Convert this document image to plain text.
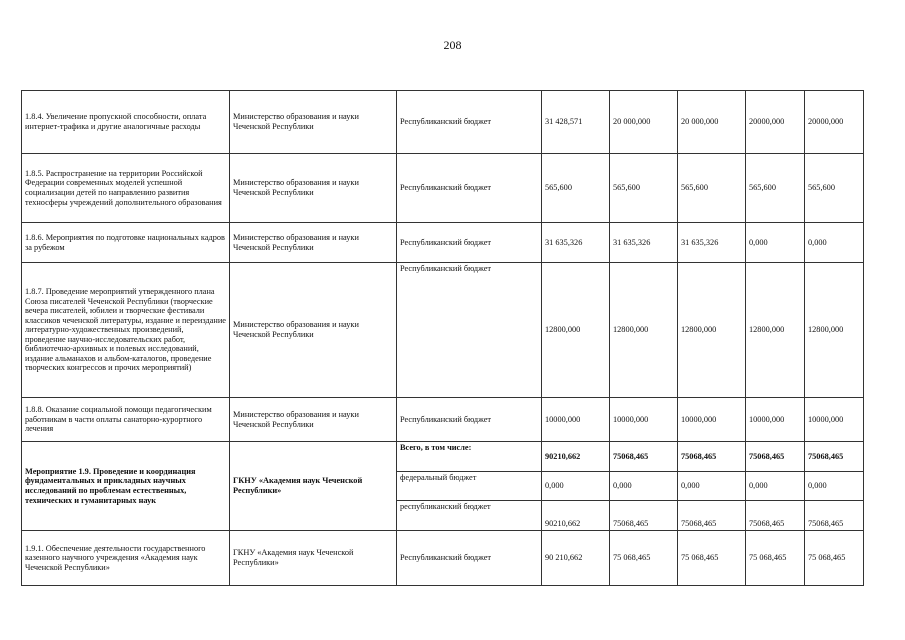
208
1.8.4. Увеличение пропускной способности, оплата интернет-трафика и другие аналогичные расходы	Министерство образования и науки Чеченской Республики	Республиканский бюджет	31 428,571	20 000,000	20 000,000	20000,000	20000,000
1.8.5. Распространение на территории Российской Федерации современных моделей успешной социализации детей по направлению развития техносферы учреждений дополнительного образования	Министерство образования и науки Чеченской Республики	Республиканский бюджет	565,600	565,600	565,600	565,600	565,600
1.8.6. Мероприятия по подготовке национальных кадров за рубежом	Министерство образования и науки Чеченской Республики	Республиканский бюджет	31 635,326	31 635,326	31 635,326	0,000	0,000
1.8.7. Проведение мероприятий утвержденного плана Союза писателей Чеченской Республики (творческие вечера писателей, юбилеи и творческие фестивали классиков чеченской литературы, издание и переиздание литературно-художественных произведений, проведение научно-исследовательских работ, библиотечно-архивных и полевых исследований, издание альманахов и альбом-каталогов, проведение творческих конгрессов и прочих мероприятий)	Министерство образования и науки Чеченской Республики	Республиканский бюджет	12800,000	12800,000	12800,000	12800,000	12800,000
1.8.8. Оказание социальной помощи педагогическим работникам в части оплаты санаторно-курортного лечения	Министерство образования и науки Чеченской Республики	Республиканский бюджет	10000,000	10000,000	10000,000	10000,000	10000,000
Мероприятие 1.9. Проведение и координация фундаментальных и прикладных научных исследований по проблемам естественных, технических и гуманитарных наук	ГКНУ «Академия наук Чеченской Республики»	Всего, в том числе:	90210,662	75068,465	75068,465	75068,465	75068,465
		федеральный бюджет	0,000	0,000	0,000	0,000	0,000
		республиканский бюджет	90210,662	75068,465	75068,465	75068,465	75068,465
1.9.1. Обеспечение деятельности государственного казенного научного учреждения «Академия наук Чеченской Республики»	ГКНУ «Академия наук Чеченской Республики»	Республиканский бюджет	90 210,662	75 068,465	75 068,465	75 068,465	75 068,465
